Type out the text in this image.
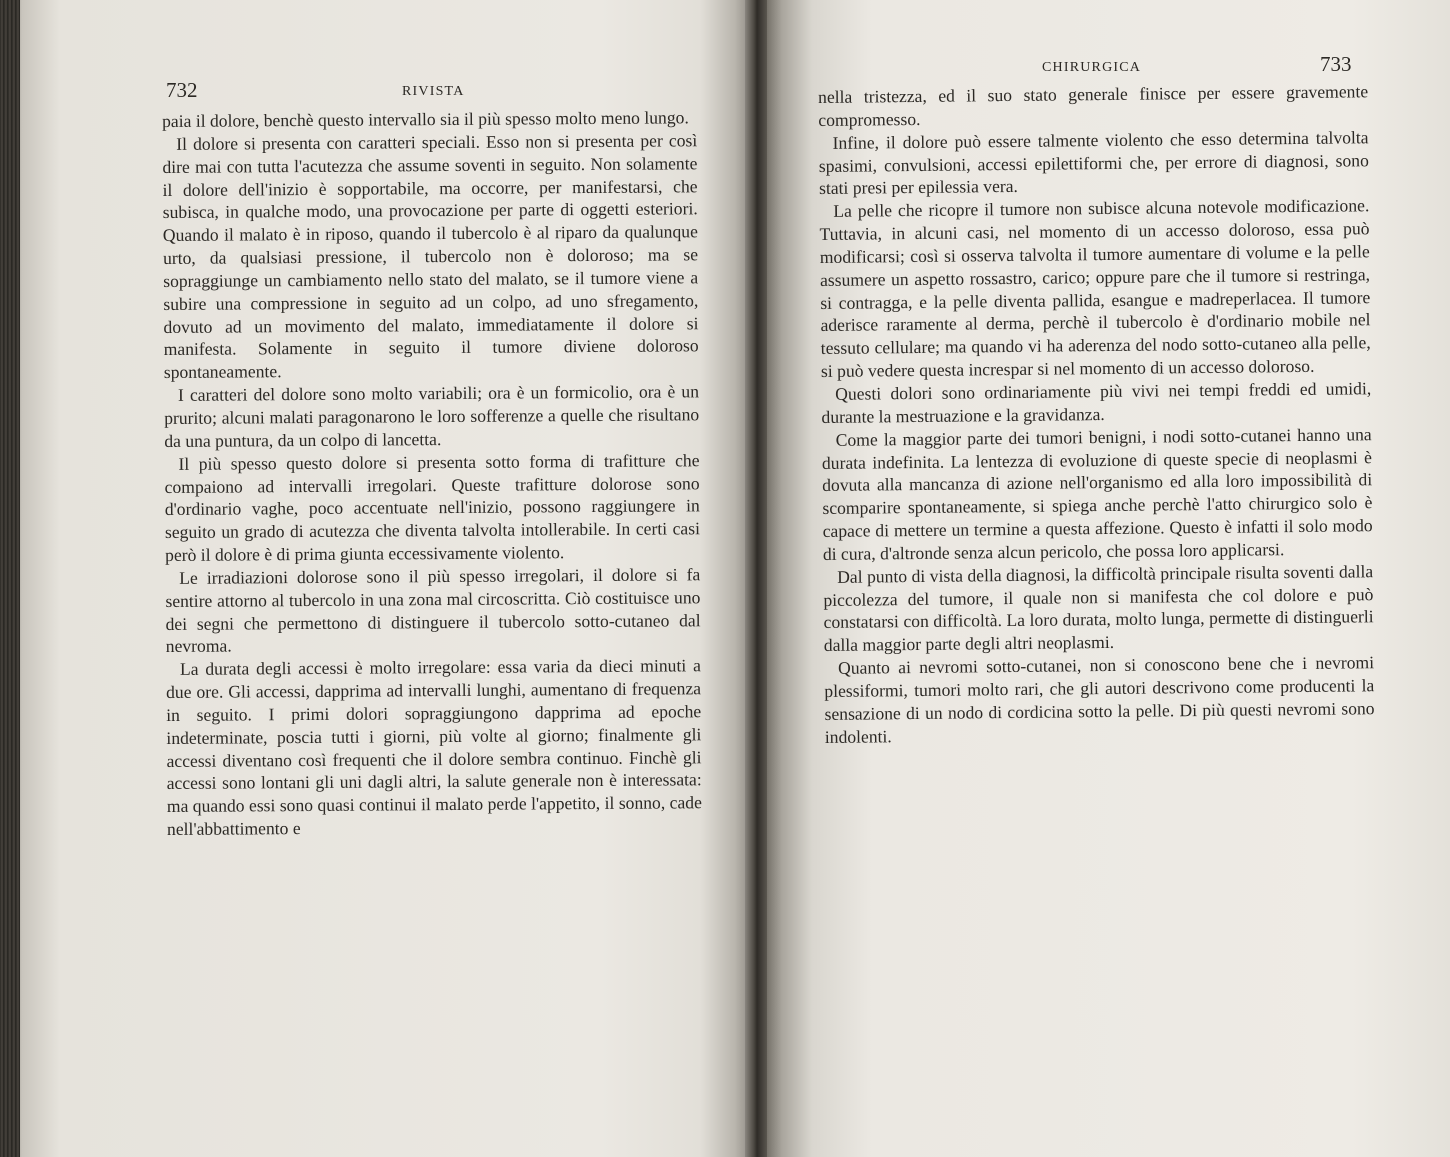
732	RIVISTA

paia il dolore, benchè questo intervallo sia il più spesso molto meno lungo.

Il dolore si presenta con caratteri speciali. Esso non si presenta per così dire mai con tutta l'acutezza che assume soventi in seguito. Non solamente il dolore dell'inizio è sopportabile, ma occorre, per manifestarsi, che subisca, in qualche modo, una provocazione per parte di oggetti esteriori. Quando il malato è in riposo, quando il tubercolo è al riparo da qualunque urto, da qualsiasi pressione, il tubercolo non è doloroso; ma se sopraggiunge un cambiamento nello stato del malato, se il tumore viene a subire una compressione in seguito ad un colpo, ad uno sfregamento, dovuto ad un movimento del malato, immediatamente il dolore si manifesta. Solamente in seguito il tumore diviene doloroso spontaneamente.

I caratteri del dolore sono molto variabili; ora è un formicolio, ora è un prurito; alcuni malati paragonarono le loro sofferenze a quelle che risultano da una puntura, da un colpo di lancetta.

Il più spesso questo dolore si presenta sotto forma di trafitture che compaiono ad intervalli irregolari. Queste trafitture dolorose sono d'ordinario vaghe, poco accentuate nell'inizio, possono raggiungere in seguito un grado di acutezza che diventa talvolta intollerabile. In certi casi però il dolore è di prima giunta eccessivamente violento.

Le irradiazioni dolorose sono il più spesso irregolari, il dolore si fa sentire attorno al tubercolo in una zona mal circoscritta. Ciò costituisce uno dei segni che permettono di distinguere il tubercolo sotto-cutaneo dal nevroma.

La durata degli accessi è molto irregolare: essa varia da dieci minuti a due ore. Gli accessi, dapprima ad intervalli lunghi, aumentano di frequenza in seguito. I primi dolori sopraggiungono dapprima ad epoche indeterminate, poscia tutti i giorni, più volte al giorno; finalmente gli accessi diventano così frequenti che il dolore sembra continuo. Finchè gli accessi sono lontani gli uni dagli altri, la salute generale non è interessata: ma quando essi sono quasi continui il malato perde l'appetito, il sonno, cade nell'abbattimento e

CHIRURGICA	733

nella tristezza, ed il suo stato generale finisce per essere gravemente compromesso.

Infine, il dolore può essere talmente violento che esso determina talvolta spasimi, convulsioni, accessi epilettiformi che, per errore di diagnosi, sono stati presi per epilessia vera.

La pelle che ricopre il tumore non subisce alcuna notevole modificazione. Tuttavia, in alcuni casi, nel momento di un accesso doloroso, essa può modificarsi; così si osserva talvolta il tumore aumentare di volume e la pelle assumere un aspetto rossastro, carico; oppure pare che il tumore si restringa, si contragga, e la pelle diventa pallida, esangue e madreperlacea. Il tumore aderisce raramente al derma, perchè il tubercolo è d'ordinario mobile nel tessuto cellulare; ma quando vi ha aderenza del nodo sotto-cutaneo alla pelle, si può vedere questa increspar si nel momento di un accesso doloroso.

Questi dolori sono ordinariamente più vivi nei tempi freddi ed umidi, durante la mestruazione e la gravidanza.

Come la maggior parte dei tumori benigni, i nodi sotto-cutanei hanno una durata indefinita. La lentezza di evoluzione di queste specie di neoplasmi è dovuta alla mancanza di azione nell'organismo ed alla loro impossibilità di scomparire spontaneamente, si spiega anche perchè l'atto chirurgico solo è capace di mettere un termine a questa affezione. Questo è infatti il solo modo di cura, d'altronde senza alcun pericolo, che possa loro applicarsi.

Dal punto di vista della diagnosi, la difficoltà principale risulta soventi dalla piccolezza del tumore, il quale non si manifesta che col dolore e può constatarsi con difficoltà. La loro durata, molto lunga, permette di distinguerli dalla maggior parte degli altri neoplasmi.

Quanto ai nevromi sotto-cutanei, non si conoscono bene che i nevromi plessiformi, tumori molto rari, che gli autori descrivono come producenti la sensazione di un nodo di cordicina sotto la pelle. Di più questi nevromi sono indolenti.
